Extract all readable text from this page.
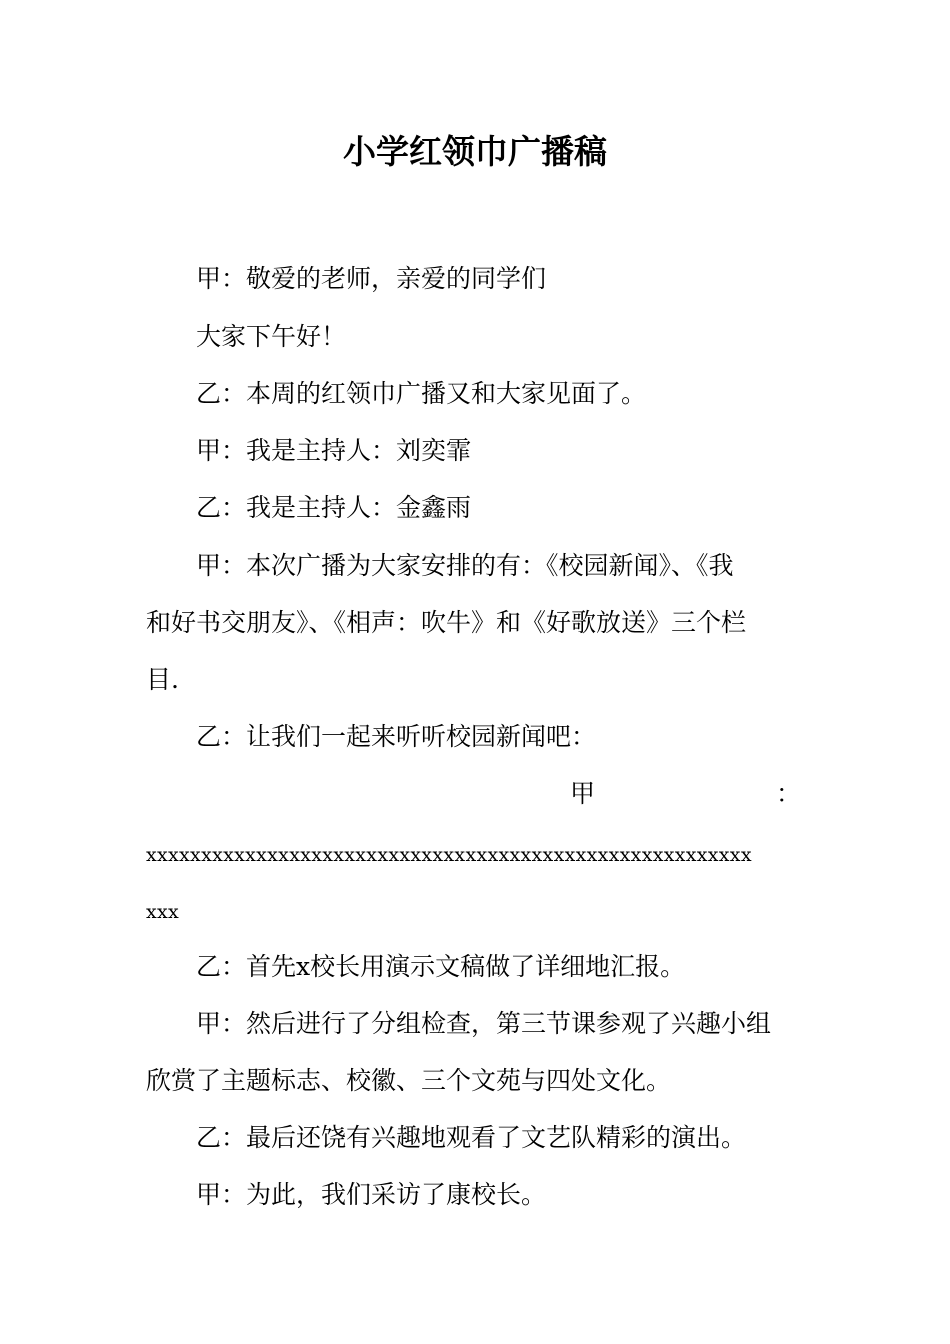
小学红领巾广播稿

甲：敬爱的老师，亲爱的同学们

大家下午好！

乙：本周的红领巾广播又和大家见面了。

甲：我是主持人：刘奕霏

乙：我是主持人：金鑫雨

甲：本次广播为大家安排的有：《校园新闻》、《我

和好书交朋友》、《相声：吹牛》和《好歌放送》三个栏

目.

乙：让我们一起来听听校园新闻吧：

甲	：

xxxxxxxxxxxxxxxxxxxxxxxxxxxxxxxxxxxxxxxxxxxxxxxxxxxxxxx

xxx

乙：首先x校长用演示文稿做了详细地汇报。

甲：然后进行了分组检查，第三节课参观了兴趣小组

欣赏了主题标志、校徽、三个文苑与四处文化。

乙：最后还饶有兴趣地观看了文艺队精彩的演出。

甲：为此，我们采访了康校长。
